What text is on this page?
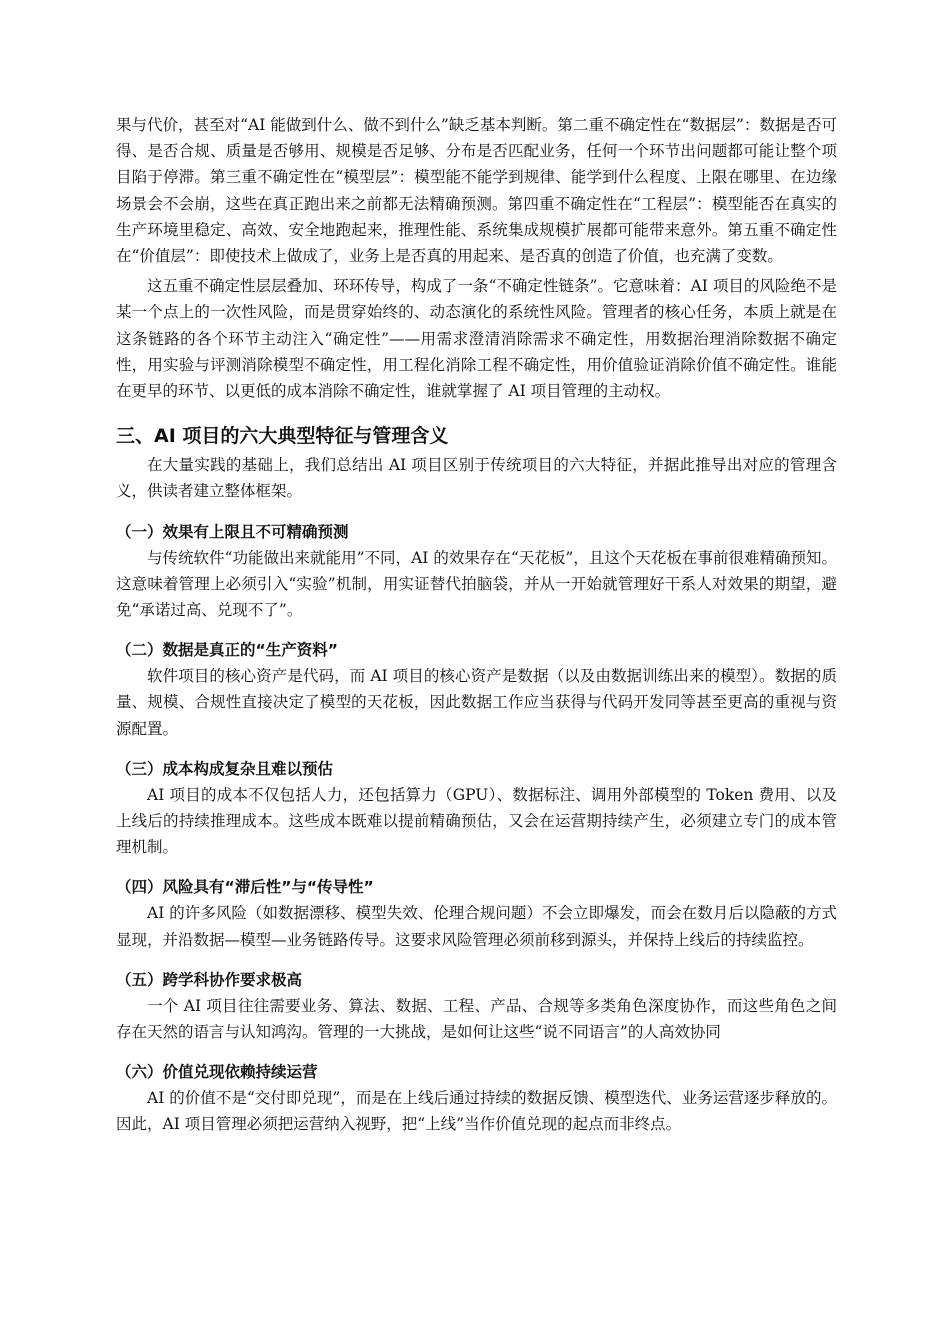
果与代价，甚至对“AI 能做到什么、做不到什么”缺乏基本判断。第二重不确定性在“数据层”：数据是否可得、是否合规、质量是否够用、规模是否足够、分布是否匹配业务，任何一个环节出问题都可能让整个项目陷于停滞。第三重不确定性在“模型层”：模型能不能学到规律、能学到什么程度、上限在哪里、在边缘场景会不会崩，这些在真正跑出来之前都无法精确预测。第四重不确定性在“工程层”：模型能否在真实的生产环境里稳定、高效、安全地跑起来，推理性能、系统集成规模扩展都可能带来意外。第五重不确定性在“价值层”：即使技术上做成了，业务上是否真的用起来、是否真的创造了价值，也充满了变数。

这五重不确定性层层叠加、环环传导，构成了一条“不确定性链条”。它意味着：AI 项目的风险绝不是某一个点上的一次性风险，而是贯穿始终的、动态演化的系统性风险。管理者的核心任务，本质上就是在这条链路的各个环节主动注入“确定性”——用需求澄清消除需求不确定性，用数据治理消除数据不确定性，用实验与评测消除模型不确定性，用工程化消除工程不确定性，用价值验证消除价值不确定性。谁能在更早的环节、以更低的成本消除不确定性，谁就掌握了 AI 项目管理的主动权。

三、AI 项目的六大典型特征与管理含义

在大量实践的基础上，我们总结出 AI 项目区别于传统项目的六大特征，并据此推导出对应的管理含义，供读者建立整体框架。

（一）效果有上限且不可精确预测

与传统软件“功能做出来就能用”不同，AI 的效果存在“天花板”，且这个天花板在事前很难精确预知。这意味着管理上必须引入“实验”机制，用实证替代拍脑袋，并从一开始就管理好干系人对效果的期望，避免“承诺过高、兑现不了”。

（二）数据是真正的“生产资料”

软件项目的核心资产是代码，而 AI 项目的核心资产是数据（以及由数据训练出来的模型）。数据的质量、规模、合规性直接决定了模型的天花板，因此数据工作应当获得与代码开发同等甚至更高的重视与资源配置。

（三）成本构成复杂且难以预估

AI 项目的成本不仅包括人力，还包括算力（GPU）、数据标注、调用外部模型的 Token 费用、以及上线后的持续推理成本。这些成本既难以提前精确预估，又会在运营期持续产生，必须建立专门的成本管理机制。

（四）风险具有“滞后性”与“传导性”

AI 的许多风险（如数据漂移、模型失效、伦理合规问题）不会立即爆发，而会在数月后以隐蔽的方式显现，并沿数据—模型—业务链路传导。这要求风险管理必须前移到源头，并保持上线后的持续监控。

（五）跨学科协作要求极高

一个 AI 项目往往需要业务、算法、数据、工程、产品、合规等多类角色深度协作，而这些角色之间存在天然的语言与认知鸿沟。管理的一大挑战，是如何让这些“说不同语言”的人高效协同

（六）价值兑现依赖持续运营

AI 的价值不是“交付即兑现”，而是在上线后通过持续的数据反馈、模型迭代、业务运营逐步释放的。因此，AI 项目管理必须把运营纳入视野，把“上线”当作价值兑现的起点而非终点。
